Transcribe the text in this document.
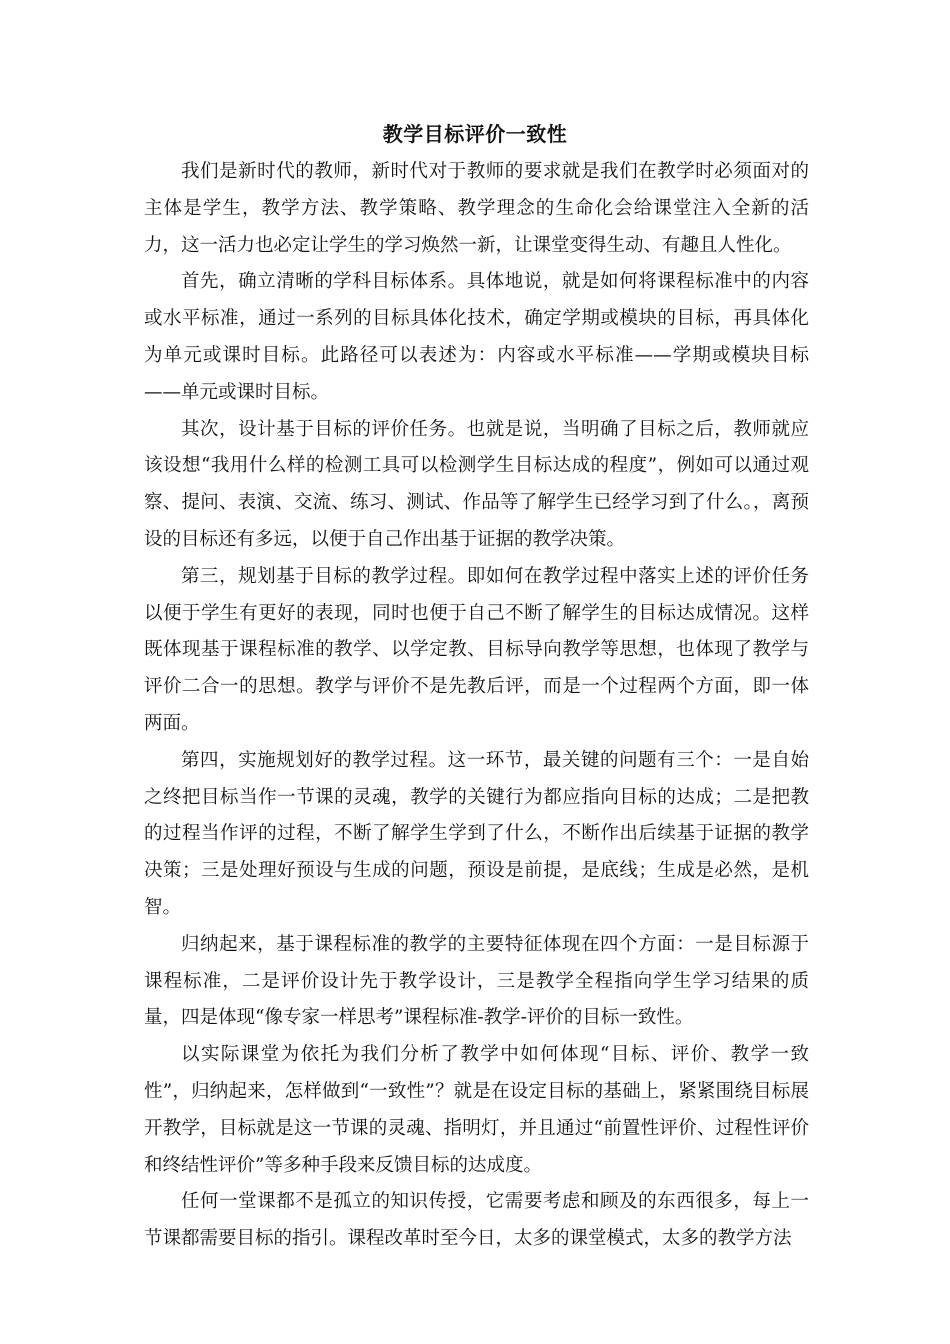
教学目标评价一致性

我们是新时代的教师，新时代对于教师的要求就是我们在教学时必须面对的主体是学生，教学方法、教学策略、教学理念的生命化会给课堂注入全新的活力，这一活力也必定让学生的学习焕然一新，让课堂变得生动、有趣且人性化。

首先，确立清晰的学科目标体系。具体地说，就是如何将课程标准中的内容或水平标准，通过一系列的目标具体化技术，确定学期或模块的目标，再具体化为单元或课时目标。此路径可以表述为：内容或水平标准——学期或模块目标——单元或课时目标。

其次，设计基于目标的评价任务。也就是说，当明确了目标之后，教师就应该设想“我用什么样的检测工具可以检测学生目标达成的程度”，例如可以通过观察、提问、表演、交流、练习、测试、作品等了解学生已经学习到了什么。，离预设的目标还有多远，以便于自己作出基于证据的教学决策。

第三，规划基于目标的教学过程。即如何在教学过程中落实上述的评价任务以便于学生有更好的表现，同时也便于自己不断了解学生的目标达成情况。这样既体现基于课程标准的教学、以学定教、目标导向教学等思想，也体现了教学与评价二合一的思想。教学与评价不是先教后评，而是一个过程两个方面，即一体两面。

第四，实施规划好的教学过程。这一环节，最关键的问题有三个：一是自始之终把目标当作一节课的灵魂，教学的关键行为都应指向目标的达成；二是把教的过程当作评的过程，不断了解学生学到了什么，不断作出后续基于证据的教学决策；三是处理好预设与生成的问题，预设是前提，是底线；生成是必然，是机智。

归纳起来，基于课程标准的教学的主要特征体现在四个方面：一是目标源于课程标准，二是评价设计先于教学设计，三是教学全程指向学生学习结果的质量，四是体现“像专家一样思考”课程标准-教学-评价的目标一致性。

以实际课堂为依托为我们分析了教学中如何体现“目标、评价、教学一致性”，归纳起来，怎样做到“一致性”？就是在设定目标的基础上，紧紧围绕目标展开教学，目标就是这一节课的灵魂、指明灯，并且通过“前置性评价、过程性评价和终结性评价”等多种手段来反馈目标的达成度。

任何一堂课都不是孤立的知识传授，它需要考虑和顾及的东西很多，每上一节课都需要目标的指引。课程改革时至今日，太多的课堂模式，太多的教学方法
